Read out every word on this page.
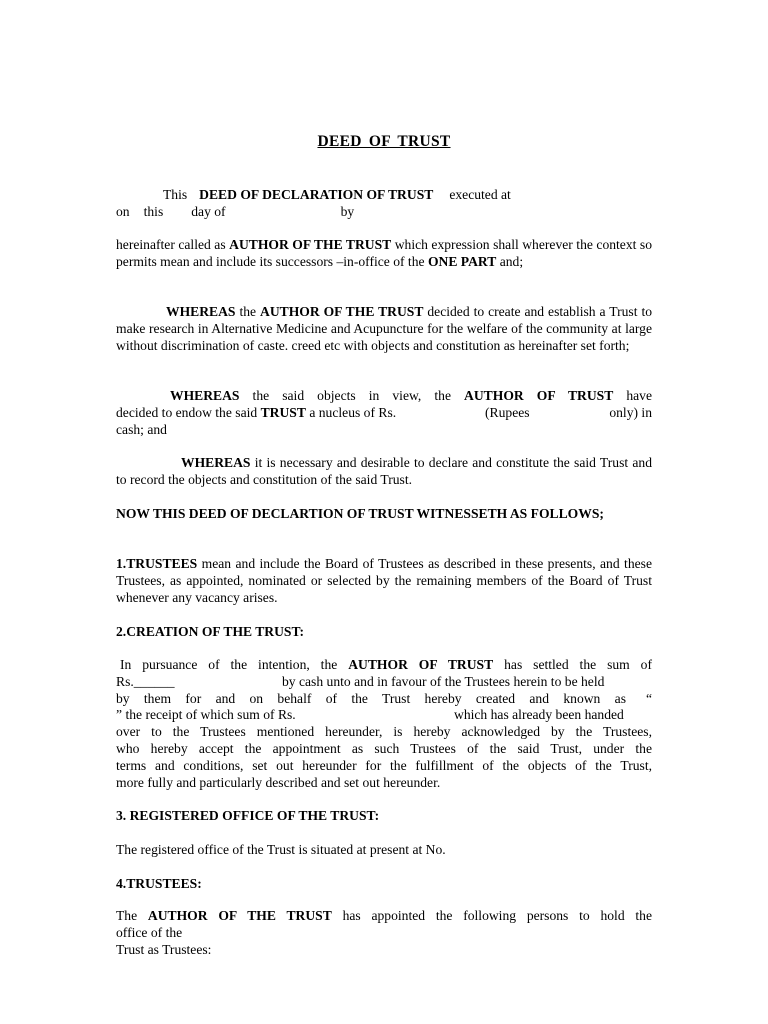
DEED OF TRUST
This DEED OF DECLARATION OF TRUST executed at
on this day of	by
hereinafter called as AUTHOR OF THE TRUST which expression shall wherever the context so permits mean and include its successors –in-office of the ONE PART and;
WHEREAS the AUTHOR OF THE TRUST decided to create and establish a Trust to make research in Alternative Medicine and Acupuncture for the welfare of the community at large without discrimination of caste. creed etc with objects and constitution as hereinafter set forth;
WHEREAS the said objects in view, the AUTHOR OF TRUST have
decided to endow the said TRUST a nucleus of Rs.	(Rupees	only) in
cash; and
WHEREAS it is necessary and desirable to declare and constitute the said Trust and to record the objects and constitution of the said Trust.
NOW THIS DEED OF DECLARTION OF TRUST WITNESSETH AS FOLLOWS;
1.TRUSTEES mean and include the Board of Trustees as described in these presents, and these Trustees, as appointed, nominated or selected by the remaining members of the Board of Trust whenever any vacancy arises.
2.CREATION OF THE TRUST:
In pursuance of the intention, the AUTHOR OF TRUST has settled the sum of
Rs.______	by cash unto and in favour of the Trustees herein to be held
by them for and on behalf of the Trust hereby created and known as “
” the receipt of which sum of Rs.	which has already been handed
over to the Trustees mentioned hereunder, is hereby acknowledged by the Trustees,
who hereby accept the appointment as such Trustees of the said Trust, under the
terms and conditions, set out hereunder for the fulfillment of the objects of the Trust,
more fully and particularly described and set out hereunder.
3. REGISTERED OFFICE OF THE TRUST:
The registered office of the Trust is situated at present at No.
4.TRUSTEES:
The AUTHOR OF THE TRUST has appointed the following persons to hold the
office of the
Trust as Trustees:
